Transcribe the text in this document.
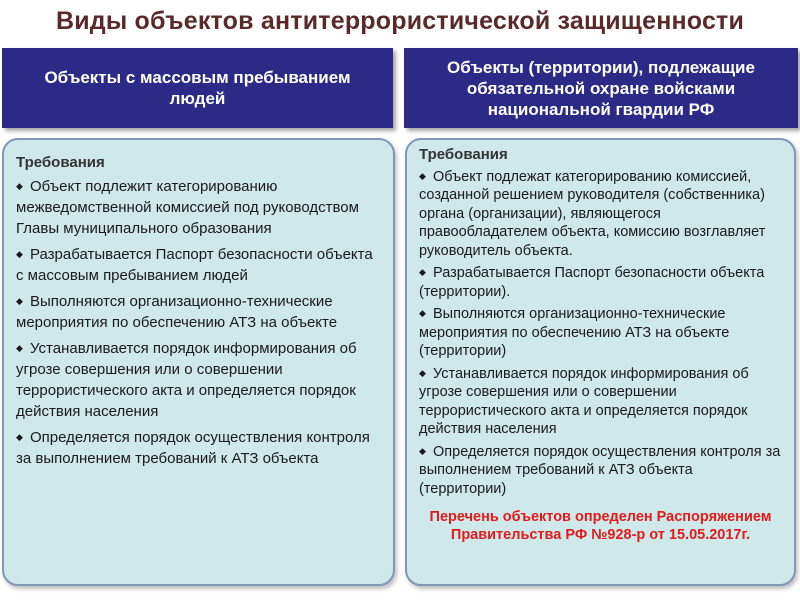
Виды объектов антитеррористической защищенности
Объекты с массовым пребыванием людей
Объекты (территории), подлежащие обязательной охране войсками национальной гвардии РФ
Требования
◆ Объект подлежит категорированию межведомственной комиссией под руководством Главы муниципального образования
◆ Разрабатывается Паспорт безопасности объекта с массовым пребыванием людей
◆ Выполняются организационно-технические мероприятия по обеспечению АТЗ на объекте
◆ Устанавливается порядок информирования об угрозе совершения или о совершении террористического акта и определяется порядок действия населения
◆ Определяется порядок осуществления контроля за выполнением требований к АТЗ объекта
Требования
◆ Объект подлежат категорированию комиссией, созданной решением руководителя (собственника) органа (организации), являющегося правообладателем объекта, комиссию возглавляет руководитель объекта.
◆ Разрабатывается Паспорт безопасности объекта (территории).
◆ Выполняются организационно-технические мероприятия по обеспечению АТЗ на объекте (территории)
◆ Устанавливается порядок информирования об угрозе совершения или о совершении террористического акта и определяется порядок действия населения
◆ Определяется порядок осуществления контроля за выполнением требований к АТЗ объекта (территории)
Перечень объектов определен Распоряжением Правительства РФ №928-р от 15.05.2017г.
